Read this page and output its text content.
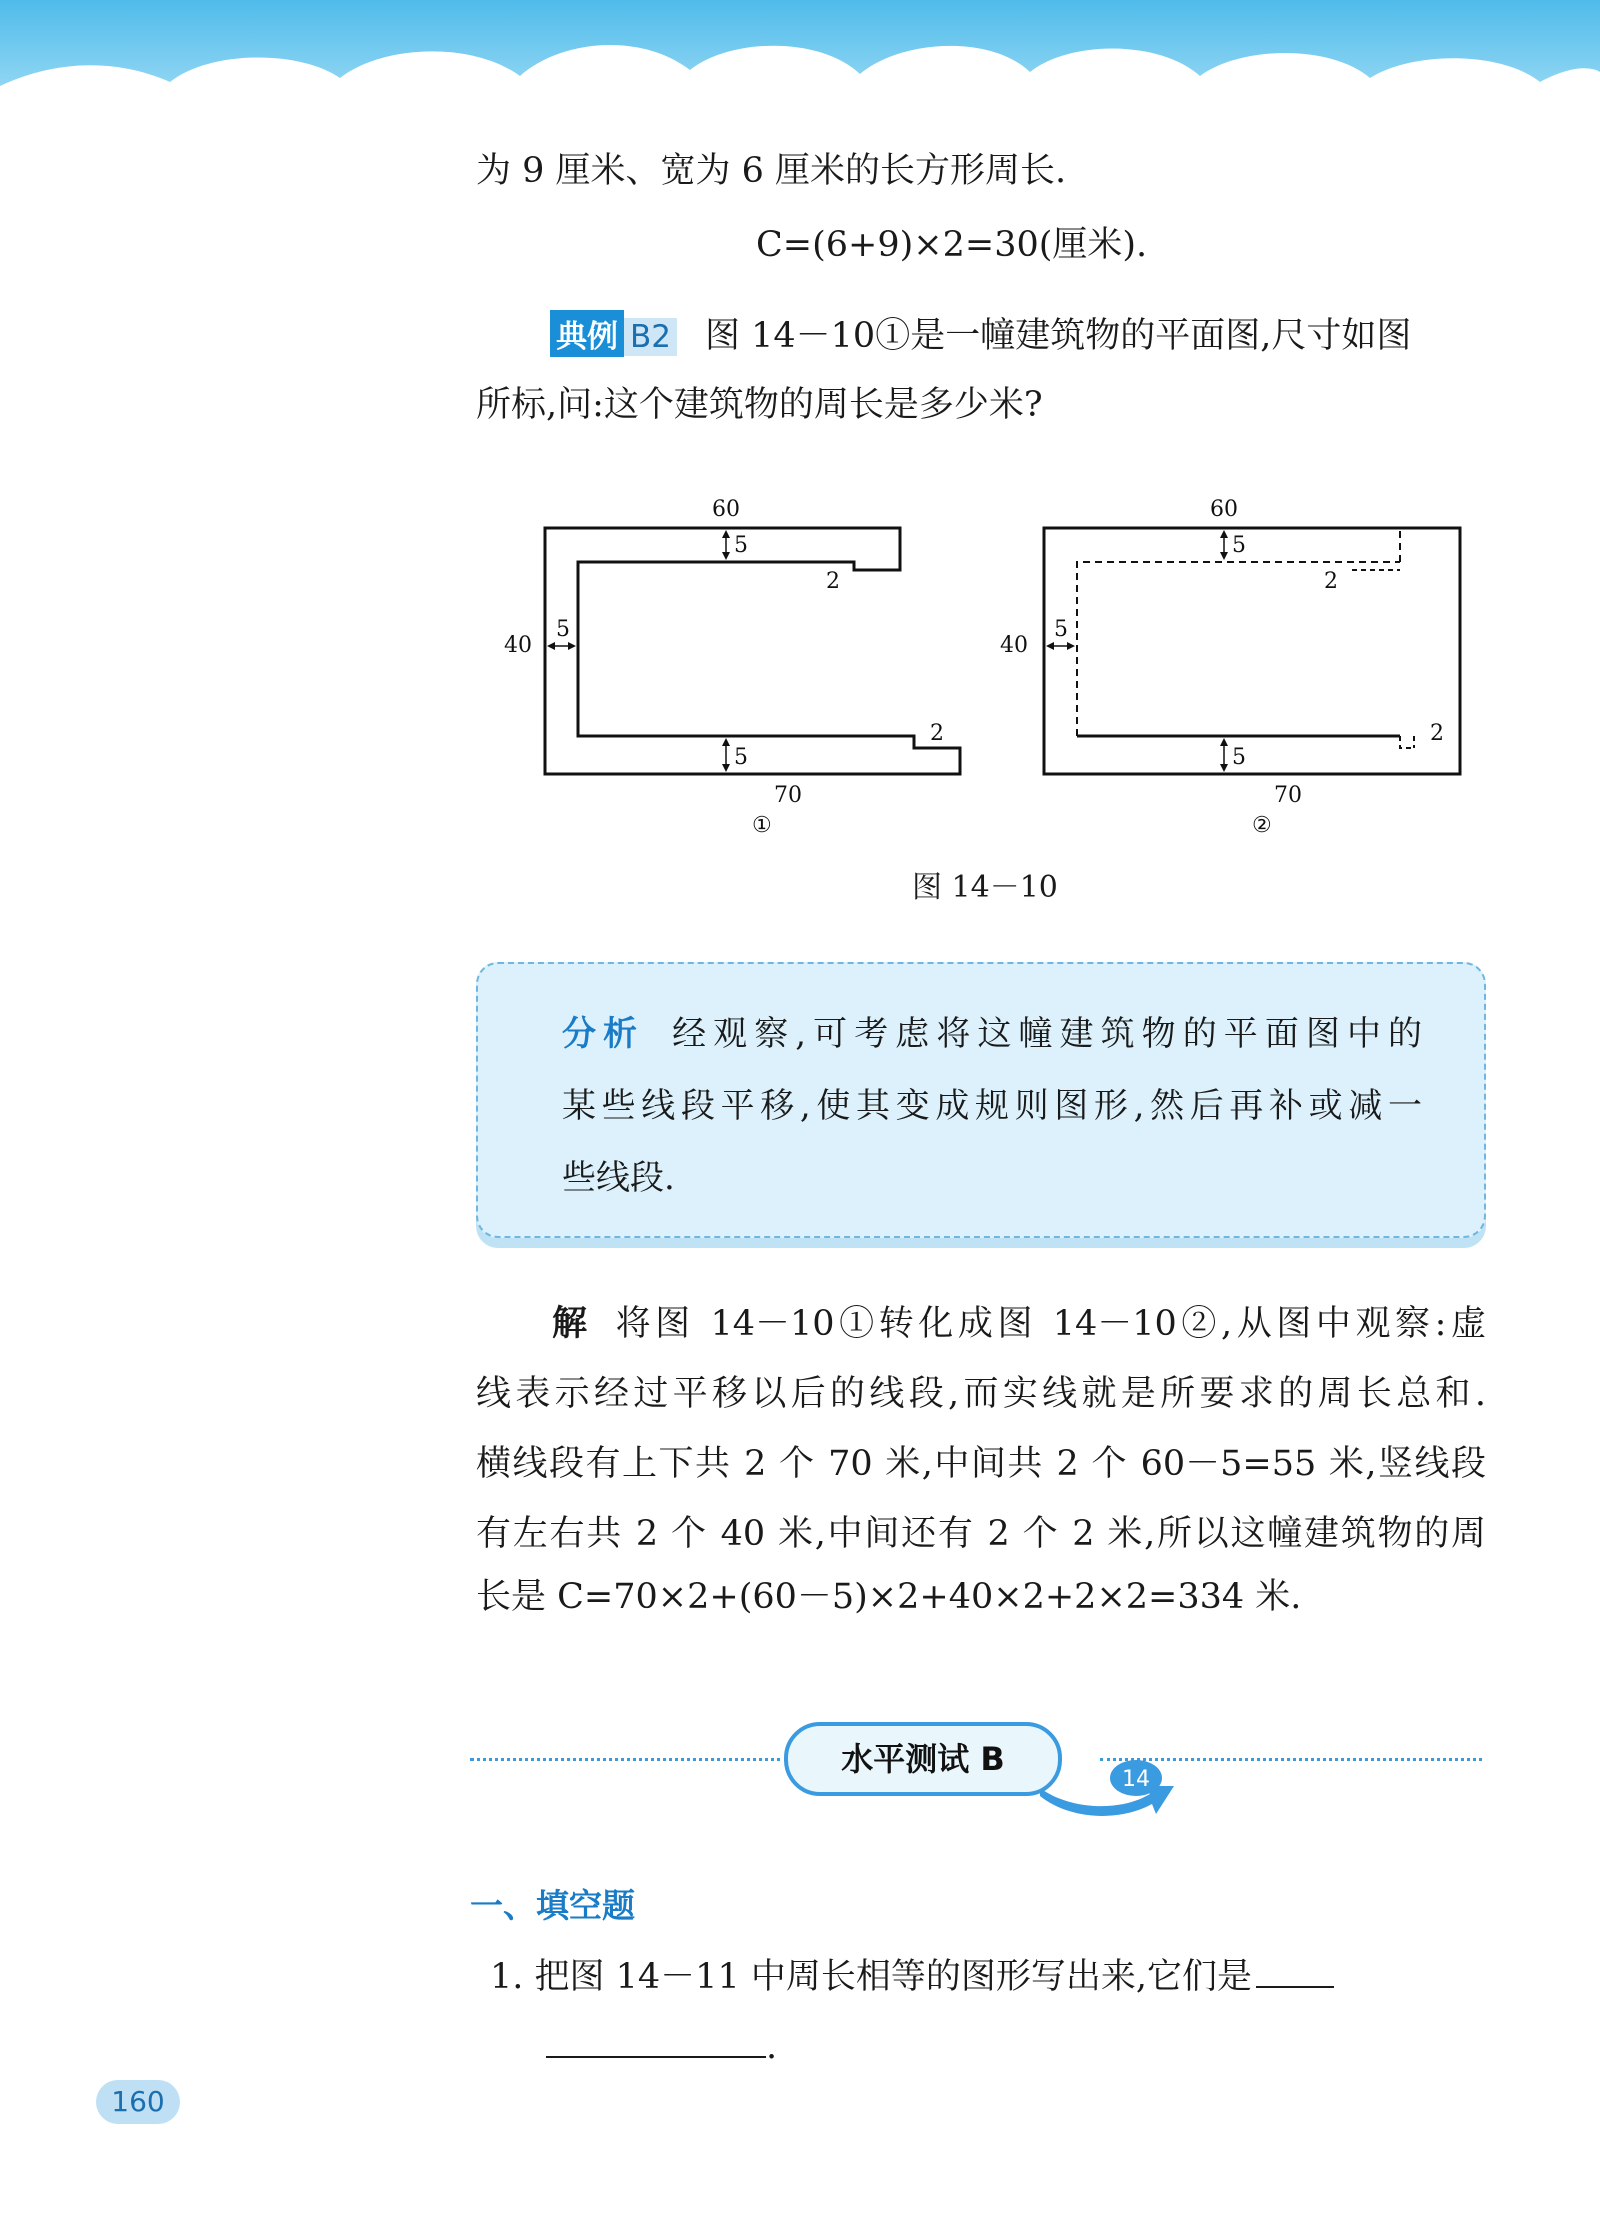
为 9 厘米、宽为 6 厘米的长方形周长.
C=(6+9)×2=30(厘米).
典例 B2 图 14－10①是一幢建筑物的平面图,尺寸如图
所标,问:这个建筑物的周长是多少米?
60
5
2
40
5
2
5
70
①
60
5
2
40
5
2
5
70
②
图 14－10
分析 经观察,可考虑将这幢建筑物的平面图中的
某些线段平移,使其变成规则图形,然后再补或减一
些线段.
解 将图 14－10①转化成图 14－10②,从图中观察:虚
线表示经过平移以后的线段,而实线就是所要求的周长总和.
横线段有上下共 2 个 70 米,中间共 2 个 60－5=55 米,竖线段
有左右共 2 个 40 米,中间还有 2 个 2 米,所以这幢建筑物的周
长是 C=70×2+(60－5)×2+40×2+2×2=334 米.
14
水平测试 B
一、填空题
1. 把图 14－11 中周长相等的图形写出来,它们是
.
160
